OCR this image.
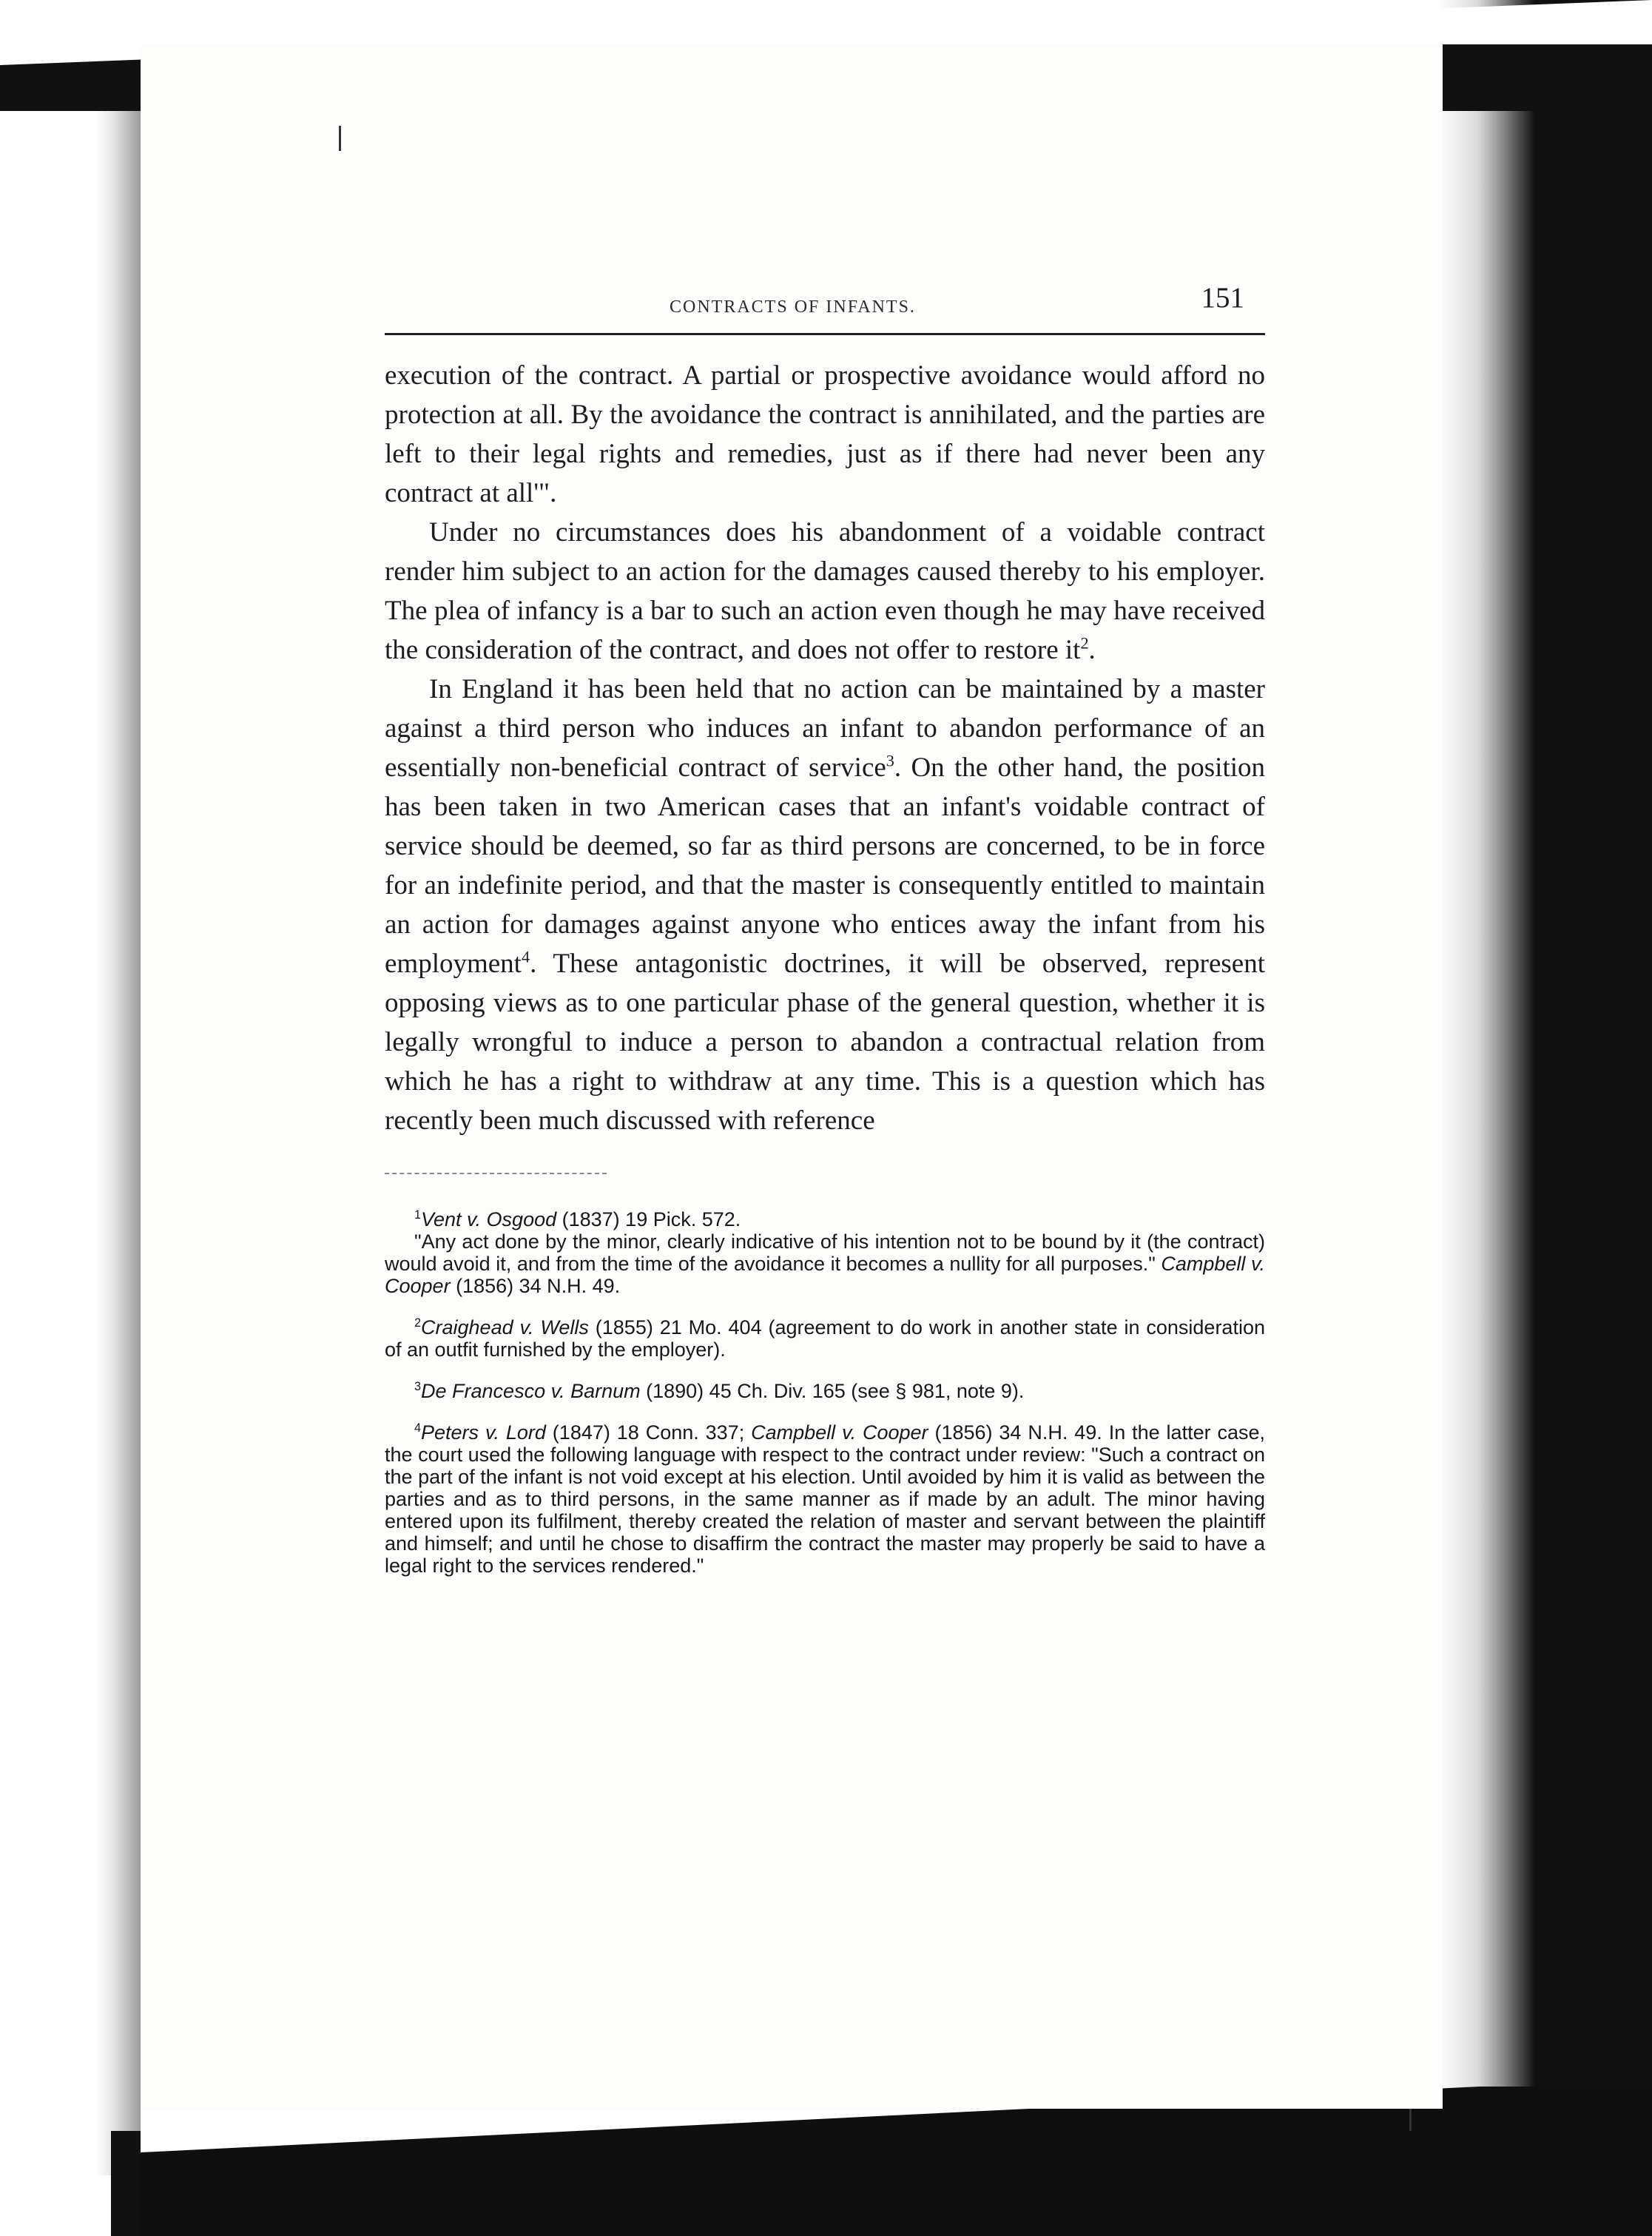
CONTRACTS OF INFANTS.	151

execution of the contract. A partial or prospective avoidance would afford no protection at all. By the avoidance the contract is annihilated, and the parties are left to their legal rights and remedies, just as if there had never been any contract at all'".

Under no circumstances does his abandonment of a voidable contract render him subject to an action for the damages caused thereby to his employer. The plea of infancy is a bar to such an action even though he may have received the consideration of the contract, and does not offer to restore $it^2$.

In England it has been held that no action can be maintained by a master against a third person who induces an infant to abandon performance of an essentially non-beneficial contract of service$^3$. On the other hand, the position has been taken in two American cases that an infant's voidable contract of service should be deemed, so far as third persons are concerned, to be in force for an indefinite period, and that the master is consequently entitled to maintain an action for damages against anyone who entices away the infant from his employment$^4$. These antagonistic doctrines, it will be observed, represent opposing views as to one particular phase of the general question, whether it is legally wrongful to induce a person to abandon a contractual relation from which he has a right to withdraw at any time. This is a question which has recently been much discussed with reference

$^1$Vent v. Osgood (1837) 19 Pick. 572.

"Any act done by the minor, clearly indicative of his intention not to be bound by it (the contract) would avoid it, and from the time of the avoidance it becomes a nullity for all purposes." Campbell v. Cooper (1856) 34 N.H. 49.

$^2$Craighead v. Wells (1855) 21 Mo. 404 (agreement to do work in another state in consideration of an outfit furnished by the employer).

$^3$De Francesco v. Barnum (1890) 45 Ch. Div. 165 (see § 981, note 9).

$^4$Peters v. Lord (1847) 18 Conn. 337; Campbell v. Cooper (1856) 34 N.H. 49. In the latter case, the court used the following language with respect to the contract under review: "Such a contract on the part of the infant is not void except at his election. Until avoided by him it is valid as between the parties and as to third persons, in the same manner as if made by an adult. The minor having entered upon its fulfilment, thereby created the relation of master and servant between the plaintiff and himself; and until he chose to disaffirm the contract the master may properly be said to have a legal right to the services rendered."
